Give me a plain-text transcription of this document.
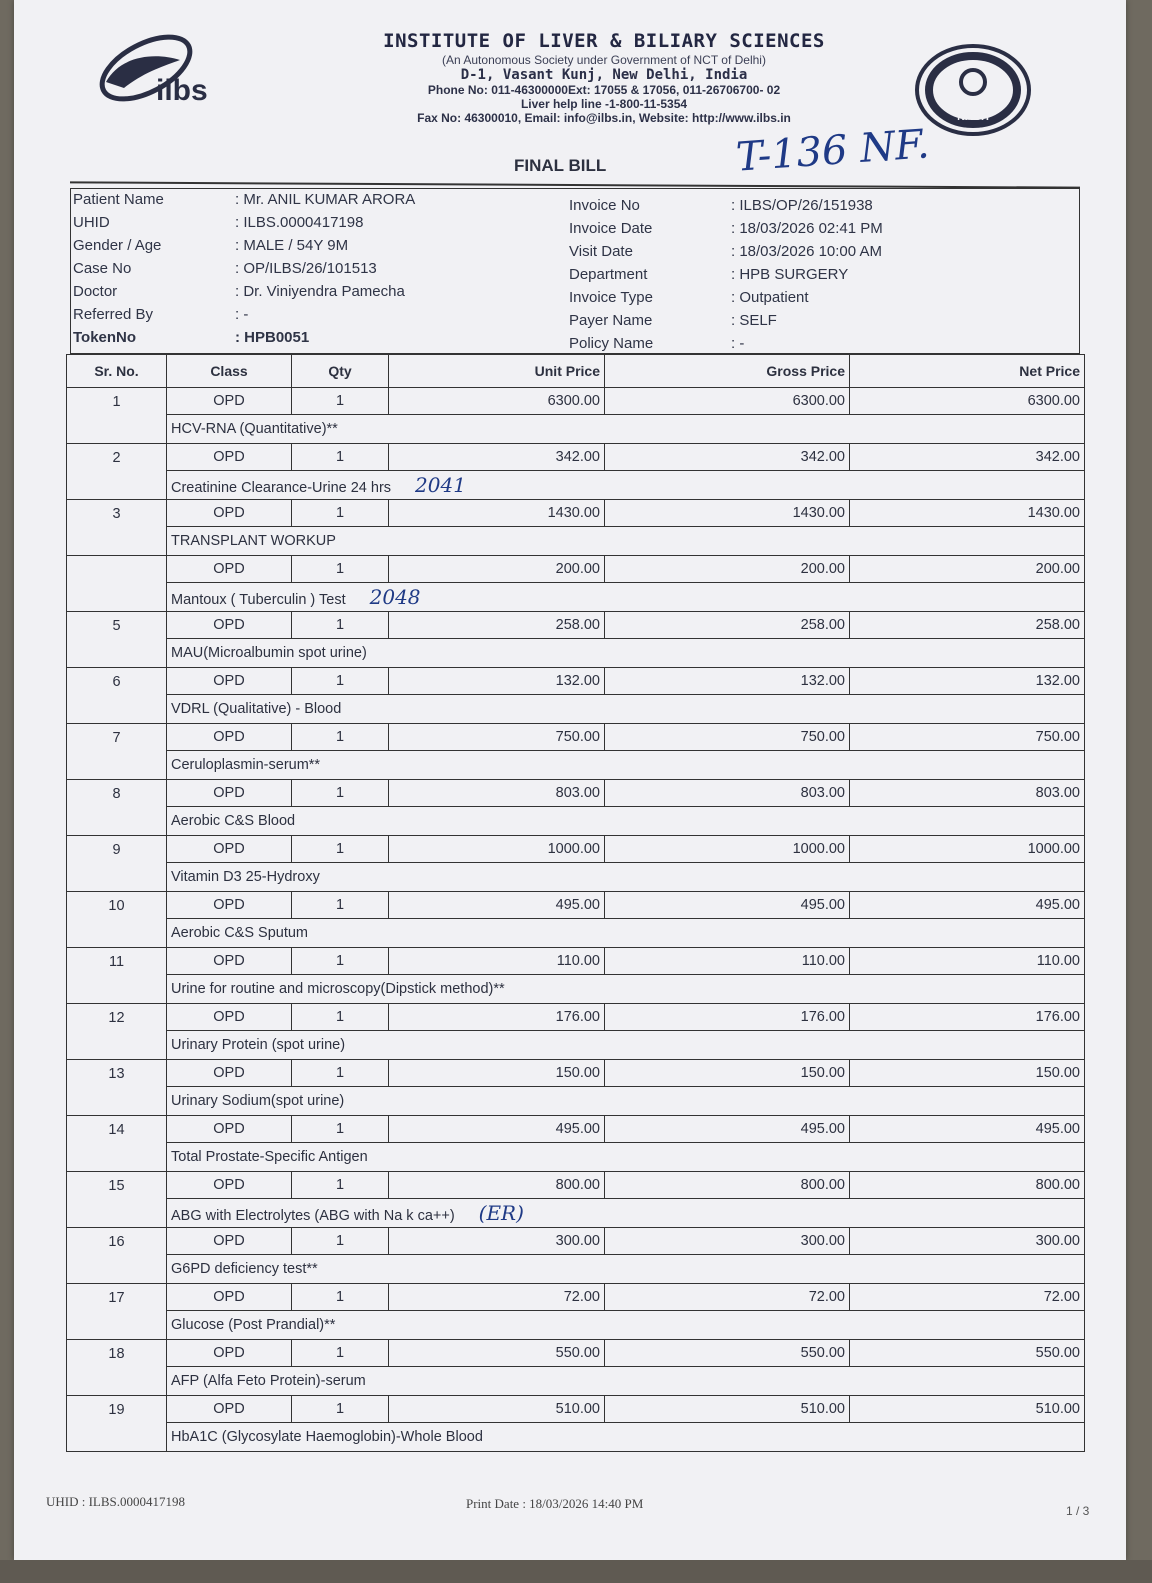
ilbs
INSTITUTE OF LIVER & BILIARY SCIENCES
(An Autonomous Society under Government of NCT of Delhi)
D-1, Vasant Kunj, New Delhi, India
Phone No: 011-46300000Ext: 17055 & 17056, 011-26706700- 02
Liver help line -1-800-11-5354
Fax No: 46300010, Email: info@ilbs.in, Website: http://www.ilbs.in	NABH
FINAL BILL	T-136 NF.
Patient Name	: Mr. ANIL KUMAR ARORA
UHID	: ILBS.0000417198
Gender / Age	: MALE / 54Y 9M
Case No	: OP/ILBS/26/101513
Doctor	: Dr. Viniyendra Pamecha
Referred By	: -
TokenNo	: HPB0051
Invoice No	: ILBS/OP/26/151938
Invoice Date	: 18/03/2026 02:41 PM
Visit Date	: 18/03/2026 10:00 AM
Department	: HPB SURGERY
Invoice Type	: Outpatient
Payer Name	: SELF
Policy Name	: -
Sr. No.	Class	Qty	Unit Price	Gross Price	Net Price
1	OPD	1	6300.00	6300.00	6300.00
	HCV-RNA (Quantitative)**				
2	OPD	1	342.00	342.00	342.00
	Creatinine Clearance-Urine 24 hrs 2041				
3	OPD	1	1430.00	1430.00	1430.00
	TRANSPLANT WORKUP				
	OPD	1	200.00	200.00	200.00
	Mantoux ( Tuberculin ) Test 2048				
5	OPD	1	258.00	258.00	258.00
	MAU(Microalbumin spot urine)				
6	OPD	1	132.00	132.00	132.00
	VDRL (Qualitative) - Blood				
7	OPD	1	750.00	750.00	750.00
	Ceruloplasmin-serum**				
8	OPD	1	803.00	803.00	803.00
	Aerobic C&S Blood				
9	OPD	1	1000.00	1000.00	1000.00
	Vitamin D3 25-Hydroxy				
10	OPD	1	495.00	495.00	495.00
	Aerobic C&S Sputum				
11	OPD	1	110.00	110.00	110.00
	Urine for routine and microscopy(Dipstick method)**				
12	OPD	1	176.00	176.00	176.00
	Urinary Protein (spot urine)				
13	OPD	1	150.00	150.00	150.00
	Urinary Sodium(spot urine)				
14	OPD	1	495.00	495.00	495.00
	Total Prostate-Specific Antigen				
15	OPD	1	800.00	800.00	800.00
	ABG with Electrolytes (ABG with Na k ca++) (ER)				
16	OPD	1	300.00	300.00	300.00
	G6PD deficiency test**				
17	OPD	1	72.00	72.00	72.00
	Glucose (Post Prandial)**				
18	OPD	1	550.00	550.00	550.00
	AFP (Alfa Feto Protein)-serum				
19	OPD	1	510.00	510.00	510.00
	HbA1C (Glycosylate Haemoglobin)-Whole Blood				
UHID : ILBS.0000417198	Print Date : 18/03/2026 14:40 PM	1 / 3
